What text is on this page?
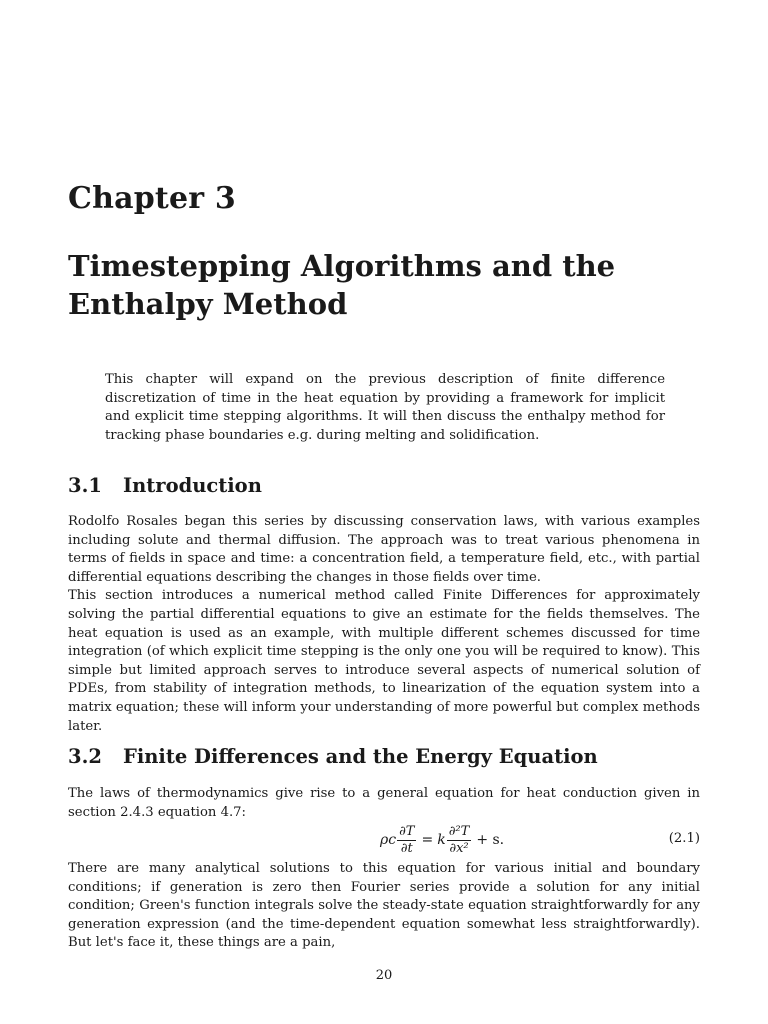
Chapter 3
Timestepping Algorithms and the Enthalpy Method
This chapter will expand on the previous description of finite difference discretization of time in the heat equation by providing a framework for implicit and explicit time stepping algorithms. It will then discuss the enthalpy method for tracking phase boundaries e.g. during melting and solidification.
3.1 Introduction

Rodolfo Rosales began this series by discussing conservation laws, with various examples including solute and thermal diffusion. The approach was to treat various phenomena in terms of fields in space and time: a concentration field, a temperature field, etc., with partial differential equations describing the changes in those fields over time.

This section introduces a numerical method called Finite Differences for approximately solving the partial differential equations to give an estimate for the fields themselves. The heat equation is used as an example, with multiple different schemes discussed for time integration (of which explicit time stepping is the only one you will be required to know). This simple but limited approach serves to introduce several aspects of numerical solution of PDEs, from stability of integration methods, to linearization of the equation system into a matrix equation; these will inform your understanding of more powerful but complex methods later.

3.2 Finite Differences and the Energy Equation

The laws of thermodynamics give rise to a general equation for heat conduction given in section 2.4.3 equation 4.7:

ρc $\frac{\partial T}{\partial t} = k \frac{\text{∂²T}}{\text{∂x²}} + s$.	(2.1)

There are many analytical solutions to this equation for various initial and boundary conditions; if generation is zero then Fourier series provide a solution for any initial condition; Green's function integrals solve the steady-state equation straightforwardly for any generation expression (and the time-dependent equation somewhat less straightforwardly). But let's face it, these things are a pain,

20
